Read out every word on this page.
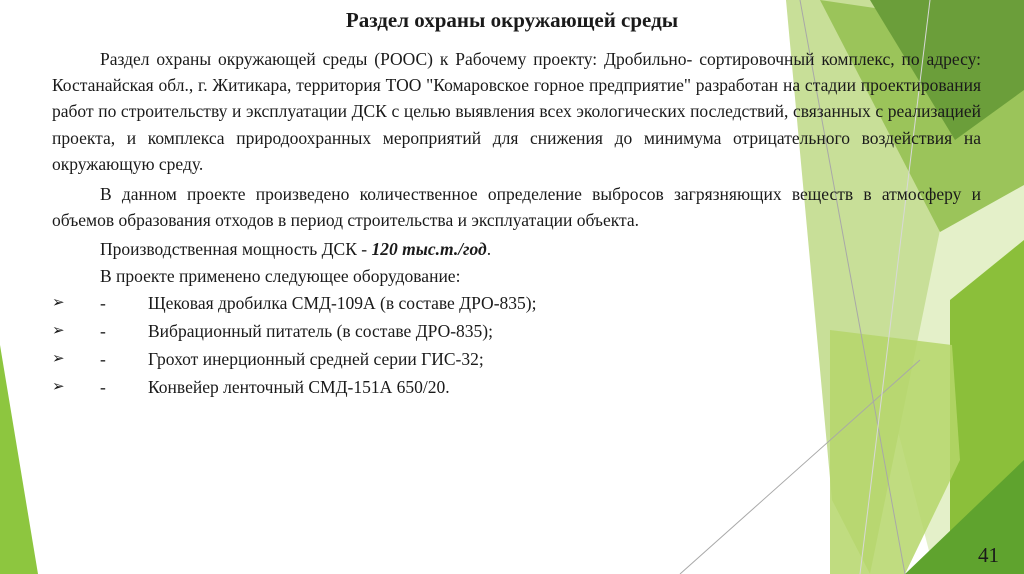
Раздел охраны окружающей среды
Раздел охраны окружающей среды (РООС) к Рабочему проекту: Дробильно- сортировочный комплекс, по адресу: Костанайская обл., г. Житикара, территория ТОО "Комаровское горное предприятие" разработан на стадии проектирования работ по строительству и эксплуатации ДСК с целью выявления всех экологических последствий, связанных с реализацией проекта, и комплекса природоохранных мероприятий для снижения до минимума отрицательного воздействия на окружающую среду.
В данном проекте произведено количественное определение выбросов загрязняющих веществ в атмосферу и объемов образования отходов в период строительства и эксплуатации объекта.
Производственная мощность ДСК - 120 тыс.т./год.
В проекте применено следующее оборудование:
➢ - Щековая дробилка СМД-109А (в составе ДРО-835);
➢ - Вибрационный питатель (в составе ДРО-835);
➢ - Грохот инерционный средней серии ГИС-32;
➢ - Конвейер ленточный СМД-151А 650/20.
41
